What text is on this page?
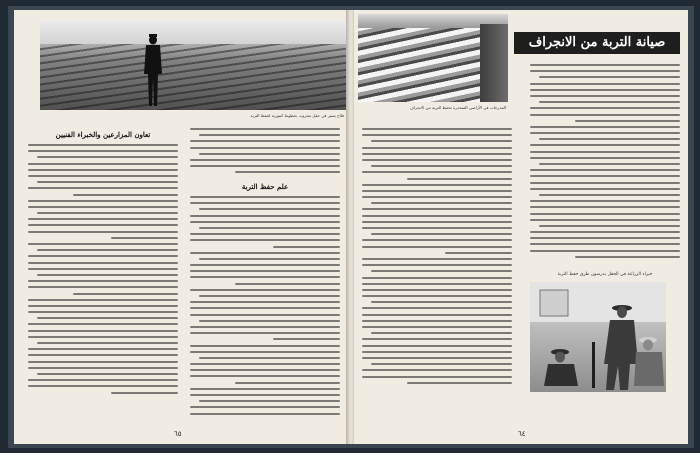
فلاح يسير في حقل محروث بخطوط كنتورية لحفظ التربة
علم حفظ التربة
تعاون المزارعين والخبراء الفنيين
٦٥
المدرجات في الأراضي المنحدرة تحفظ التربة من الانجراف
صيانة التربة من الانجراف
خبراء الزراعة في الحقل يدرسون طرق حفظ التربة
٦٤
